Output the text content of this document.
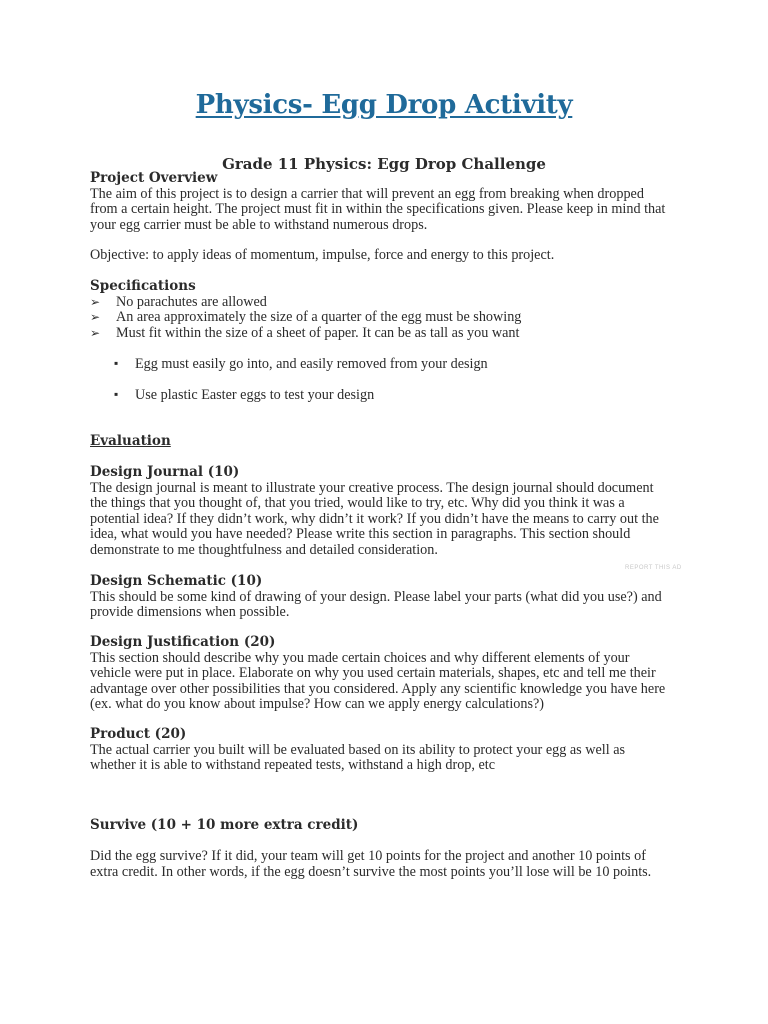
Physics- Egg Drop Activity
Grade 11 Physics: Egg Drop Challenge
Project Overview
The aim of this project is to design a carrier that will prevent an egg from breaking when dropped
from a certain height. The project must fit in within the specifications given. Please keep in mind that
your egg carrier must be able to withstand numerous drops.
Objective: to apply ideas of momentum, impulse, force and energy to this project.
Specifications
➢ No parachutes are allowed
➢ An area approximately the size of a quarter of the egg must be showing
➢ Must fit within the size of a sheet of paper. It can be as tall as you want
▪ Egg must easily go into, and easily removed from your design
▪ Use plastic Easter eggs to test your design
Evaluation
Design Journal (10)
The design journal is meant to illustrate your creative process. The design journal should document
the things that you thought of, that you tried, would like to try, etc. Why did you think it was a
potential idea? If they didn’t work, why didn’t it work? If you didn’t have the means to carry out the
idea, what would you have needed? Please write this section in paragraphs. This section should
demonstrate to me thoughtfulness and detailed consideration.
REPORT THIS AD
Design Schematic (10)
This should be some kind of drawing of your design. Please label your parts (what did you use?) and
provide dimensions when possible.
Design Justification (20)
This section should describe why you made certain choices and why different elements of your
vehicle were put in place. Elaborate on why you used certain materials, shapes, etc and tell me their
advantage over other possibilities that you considered. Apply any scientific knowledge you have here
(ex. what do you know about impulse? How can we apply energy calculations?)
Product (20)
The actual carrier you built will be evaluated based on its ability to protect your egg as well as
whether it is able to withstand repeated tests, withstand a high drop, etc
Survive (10 + 10 more extra credit)
Did the egg survive? If it did, your team will get 10 points for the project and another 10 points of
extra credit. In other words, if the egg doesn’t survive the most points you’ll lose will be 10 points.
